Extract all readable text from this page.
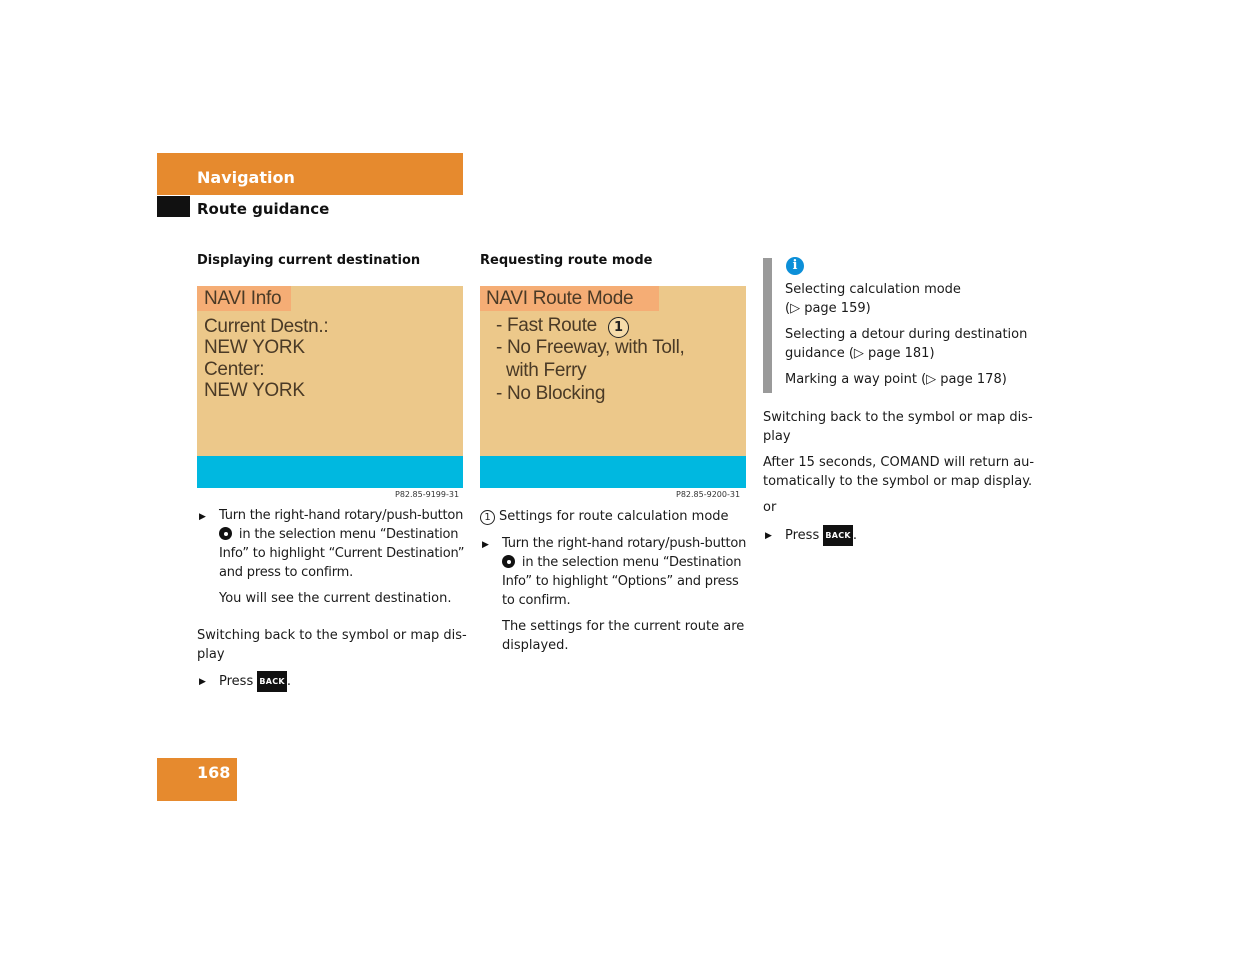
Navigation
Route guidance
Displaying current destination
NAVI Info
Current Destn.:
NEW YORK
Center:
NEW YORK
P82.85-9199-31
▶ Turn the right-hand rotary/push-button
in the selection menu “Destination
Info” to highlight “Current Destination”
and press to confirm.
You will see the current destination.
Switching back to the symbol or map dis-
play
▶ Press BACK .
Requesting route mode
NAVI Route Mode
- Fast Route	1
- No Freeway, with Toll,
with Ferry
- No Blocking
P82.85-9200-31
1 Settings for route calculation mode
▶ Turn the right-hand rotary/push-button
in the selection menu “Destination
Info” to highlight “Options” and press
to confirm.
The settings for the current route are
displayed.
i
Selecting calculation mode
(▷ page 159)
Selecting a detour during destination
guidance (▷ page 181)
Marking a way point (▷ page 178)
Switching back to the symbol or map dis-
play
After 15 seconds, COMAND will return au-
tomatically to the symbol or map display.
or
▶ Press BACK .
168
